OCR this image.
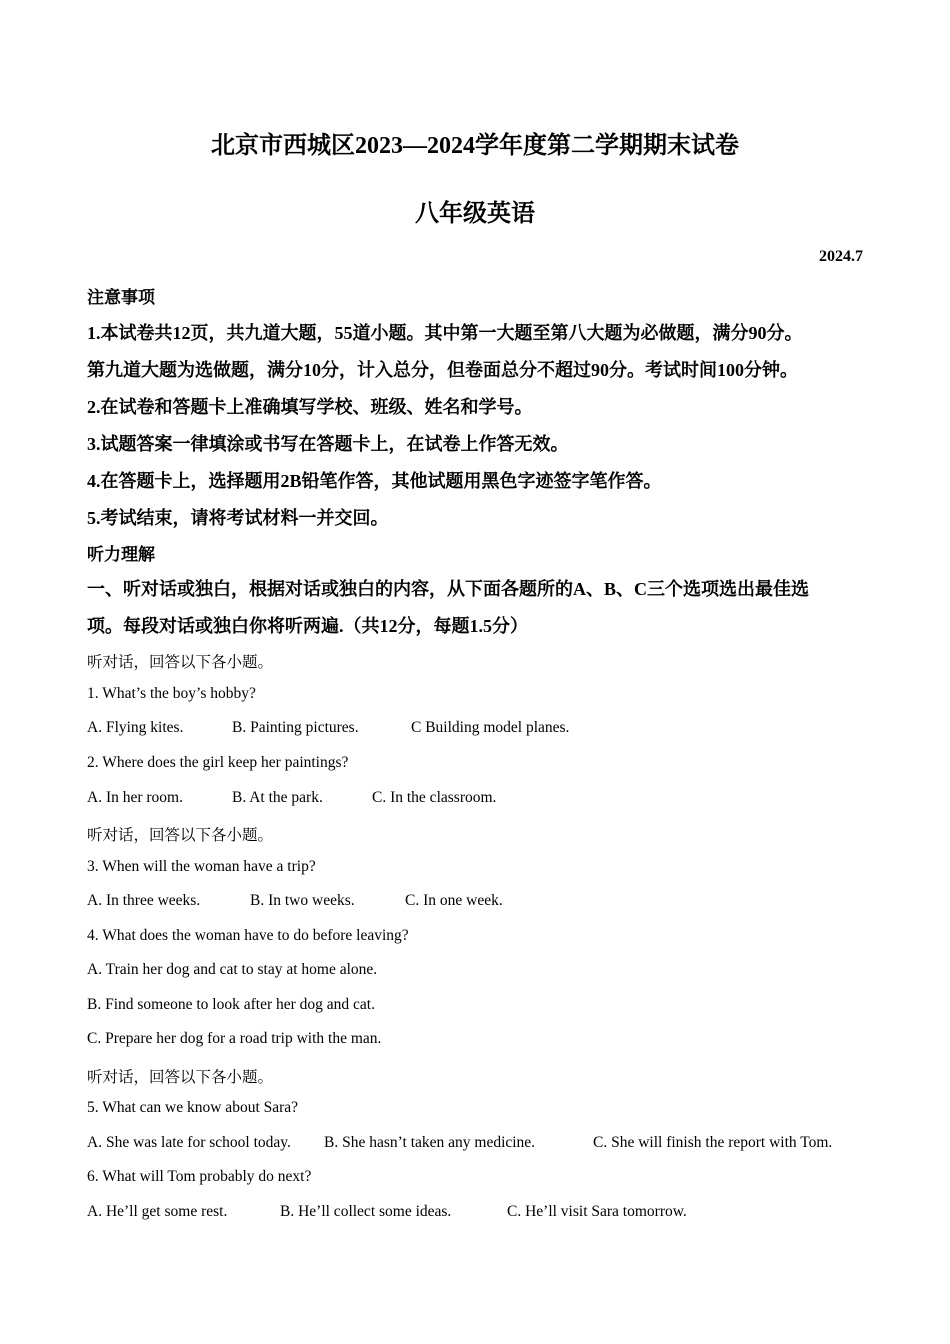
北京市西城区2023—2024学年度第二学期期末试卷
八年级英语
2024.7
注意事项
1.本试卷共12页，共九道大题，55道小题。其中第一大题至第八大题为必做题，满分90分。
第九道大题为选做题，满分10分，计入总分，但卷面总分不超过90分。考试时间100分钟。
2.在试卷和答题卡上准确填写学校、班级、姓名和学号。
3.试题答案一律填涂或书写在答题卡上，在试卷上作答无效。
4.在答题卡上，选择题用2B铅笔作答，其他试题用黑色字迹签字笔作答。
5.考试结束，请将考试材料一并交回。
听力理解
一、听对话或独白，根据对话或独白的内容，从下面各题所的A、B、C三个选项选出最佳选
项。每段对话或独白你将听两遍.（共12分，每题1.5分）
听对话，回答以下各小题。
1. What’s the boy’s hobby?
A. Flying kites.	B. Painting pictures.	C Building model planes.
2. Where does the girl keep her paintings?
A. In her room.	B. At the park.	C. In the classroom.
听对话，回答以下各小题。
3. When will the woman have a trip?
A. In three weeks.	B. In two weeks.	C. In one week.
4. What does the woman have to do before leaving?
A. Train her dog and cat to stay at home alone.
B. Find someone to look after her dog and cat.
C. Prepare her dog for a road trip with the man.
听对话，回答以下各小题。
5. What can we know about Sara?
A. She was late for school today. B. She hasn’t taken any medicine.	C. She will finish the report with Tom.
6. What will Tom probably do next?
A. He’ll get some rest.	B. He’ll collect some ideas.	C. He’ll visit Sara tomorrow.
